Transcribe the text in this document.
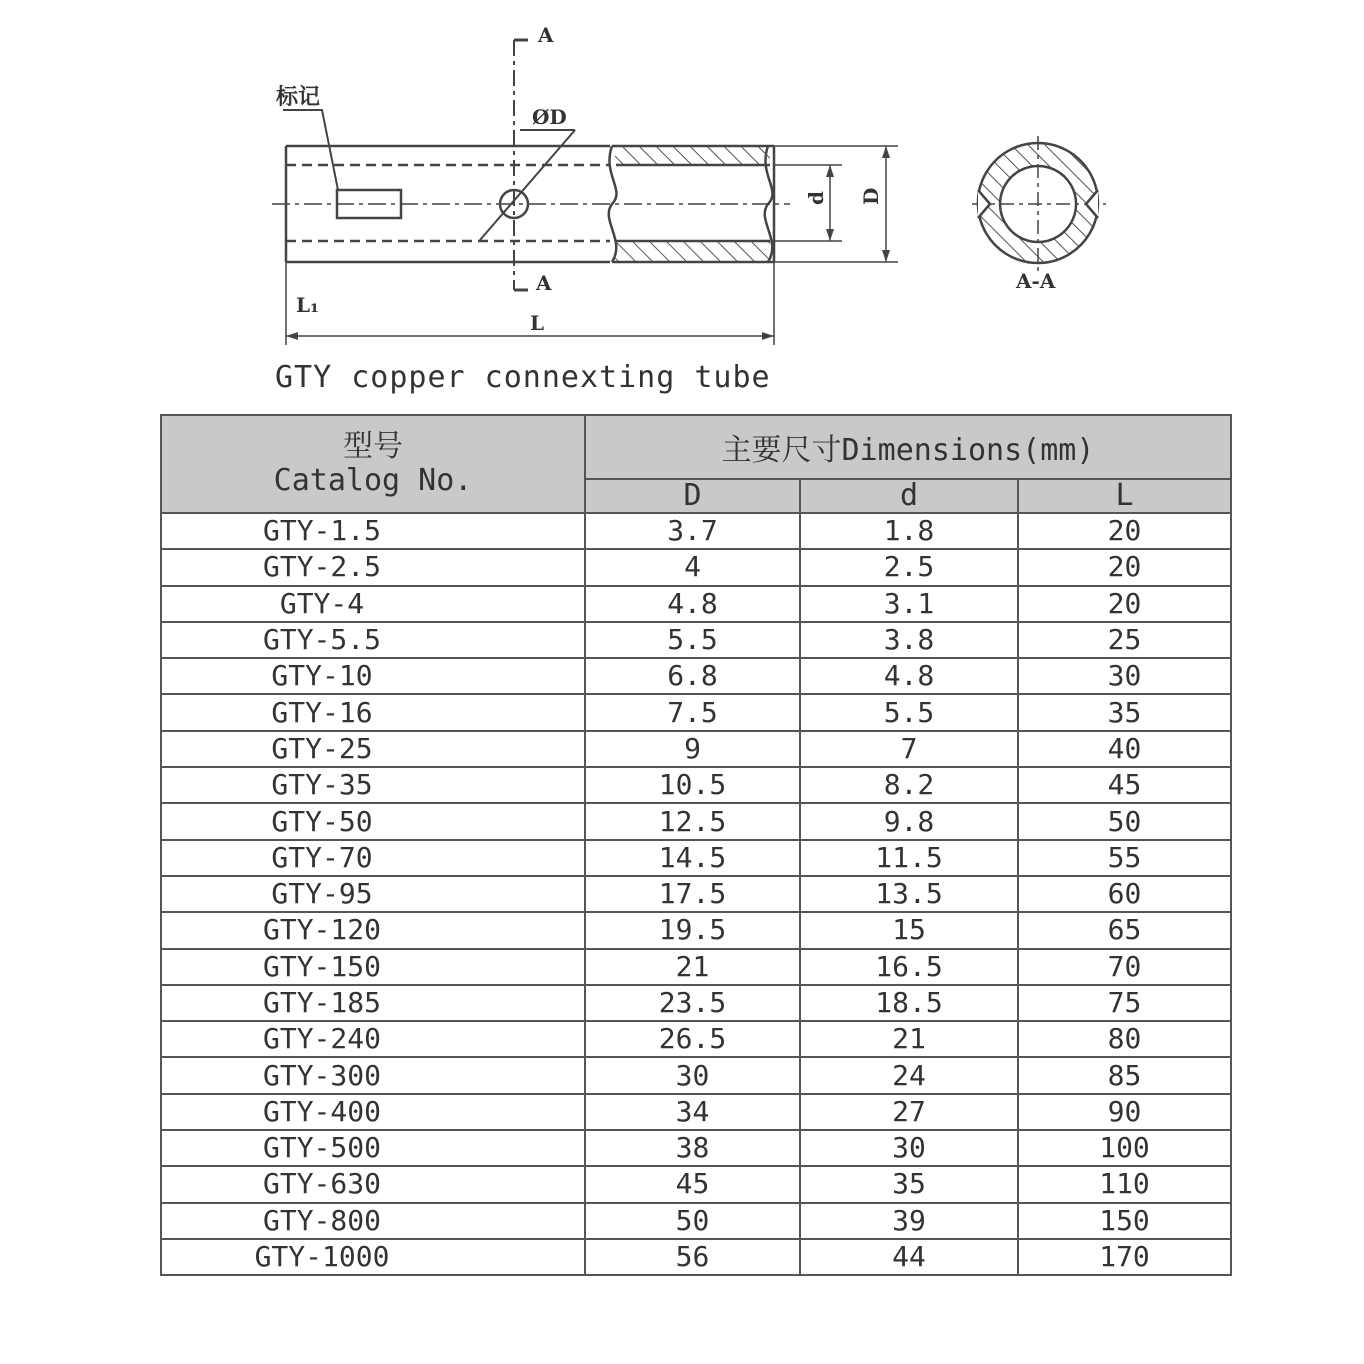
标记
A
A
ØD
d D
L₁
L
A-A
GTY copper connexting tube
型号
Catalog No.	主要尺寸Dimensions(mm)		
	D	d	L

GTY-1.5	3.7	1.8	20

GTY-2.5	4	2.5	20

GTY-4	4.8	3.1	20

GTY-5.5	5.5	3.8	25

GTY-10	6.8	4.8	30

GTY-16	7.5	5.5	35

GTY-25	9	7	40

GTY-35	10.5	8.2	45

GTY-50	12.5	9.8	50

GTY-70	14.5	11.5	55

GTY-95	17.5	13.5	60

GTY-120	19.5	15	65

GTY-150	21	16.5	70

GTY-185	23.5	18.5	75

GTY-240	26.5	21	80

GTY-300	30	24	85

GTY-400	34	27	90

GTY-500	38	30	100

GTY-630	45	35	110

GTY-800	50	39	150

GTY-1000	56	44	170
